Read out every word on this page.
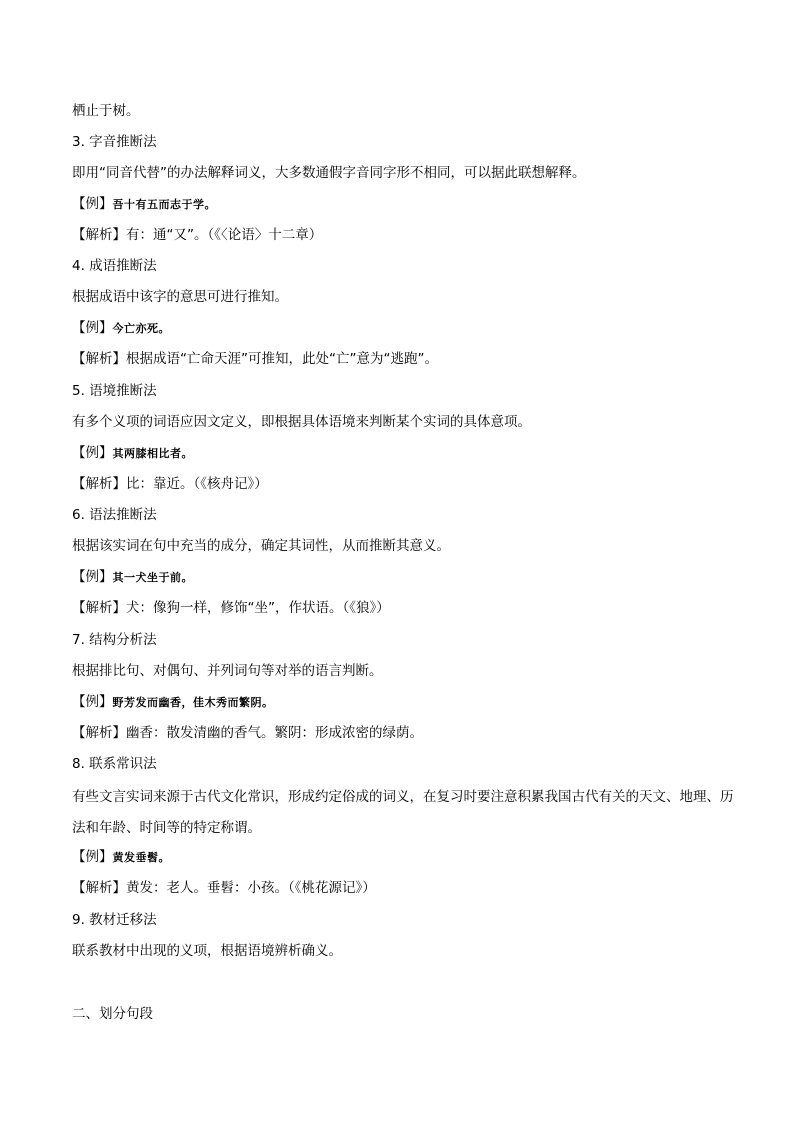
栖止于树。
3. 字音推断法
即用“同音代替”的办法解释词义，大多数通假字音同字形不相同，可以据此联想解释。
【例】吾十有五而志于学。
【解析】有：通“又”。（《〈论语〉十二章）
4. 成语推断法
根据成语中该字的意思可进行推知。
【例】今亡亦死。
【解析】根据成语“亡命天涯”可推知，此处“亡”意为“逃跑”。
5. 语境推断法
有多个义项的词语应因文定义，即根据具体语境来判断某个实词的具体意项。
【例】其两膝相比者。
【解析】比：靠近。（《核舟记》）
6. 语法推断法
根据该实词在句中充当的成分，确定其词性，从而推断其意义。
【例】其一犬坐于前。
【解析】犬：像狗一样，修饰“坐”，作状语。（《狼》）
7. 结构分析法
根据排比句、对偶句、并列词句等对举的语言判断。
【例】野芳发而幽香，佳木秀而繁阴。
【解析】幽香：散发清幽的香气。繁阴：形成浓密的绿荫。
8. 联系常识法
有些文言实词来源于古代文化常识，形成约定俗成的词义，在复习时要注意积累我国古代有关的天文、地理、历法和年龄、时间等的特定称谓。
【例】黄发垂髫。
【解析】黄发：老人。垂髫：小孩。（《桃花源记》）
9. 教材迁移法
联系教材中出现的义项，根据语境辨析确义。
二、划分句段
